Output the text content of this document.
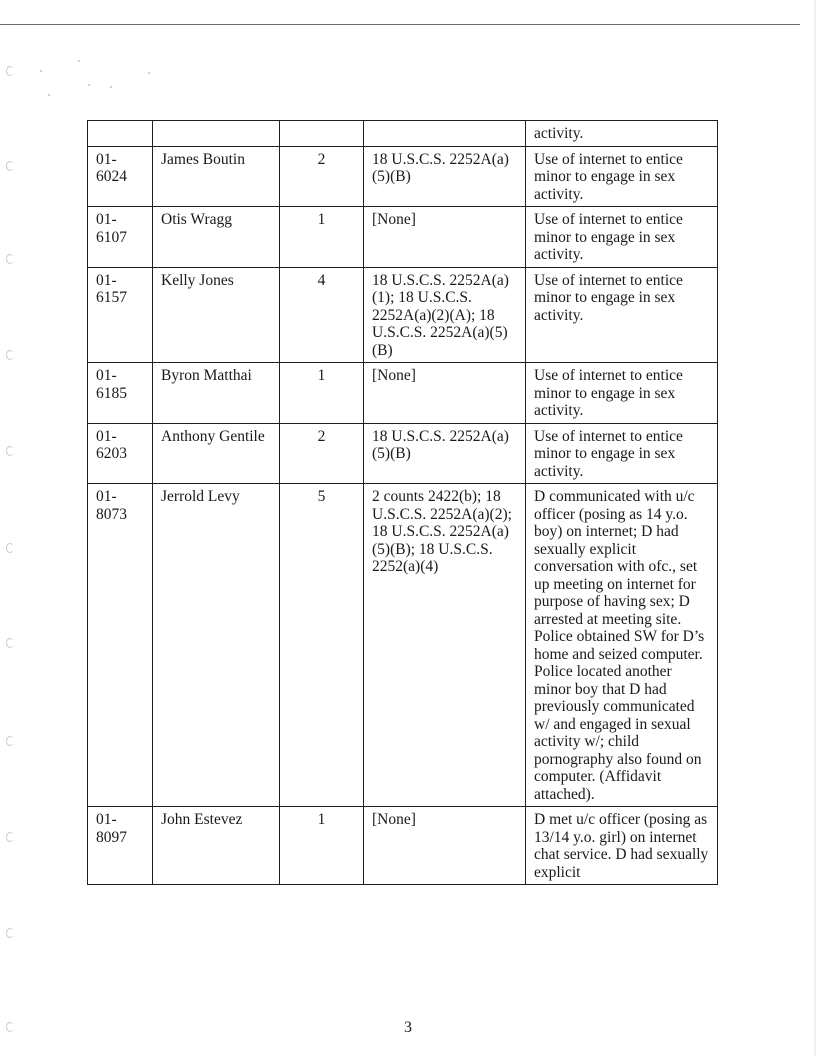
				activity.
01-6024	James Boutin	2	18 U.S.C.S. 2252A(a)(5)(B)	Use of internet to entice minor to engage in sex activity.
01-6107	Otis Wragg	1	[None]	Use of internet to entice minor to engage in sex activity.
01-6157	Kelly Jones	4	18 U.S.C.S. 2252A(a)(1); 18 U.S.C.S. 2252A(a)(2)(A); 18 U.S.C.S. 2252A(a)(5)(B)	Use of internet to entice minor to engage in sex activity.
01-6185	Byron Matthai	1	[None]	Use of internet to entice minor to engage in sex activity.
01-6203	Anthony Gentile	2	18 U.S.C.S. 2252A(a)(5)(B)	Use of internet to entice minor to engage in sex activity.
01-8073	Jerrold Levy	5	2 counts 2422(b); 18 U.S.C.S. 2252A(a)(2); 18 U.S.C.S. 2252A(a)(5)(B); 18 U.S.C.S. 2252(a)(4)	D communicated with u/c officer (posing as 14 y.o. boy) on internet; D had sexually explicit conversation with ofc., set up meeting on internet for purpose of having sex; D arrested at meeting site. Police obtained SW for D’s home and seized computer. Police located another minor boy that D had previously communicated w/ and engaged in sexual activity w/; child pornography also found on computer. (Affidavit attached).
01-8097	John Estevez	1	[None]	D met u/c officer (posing as 13/14 y.o. girl) on internet chat service. D had sexually explicit
3
